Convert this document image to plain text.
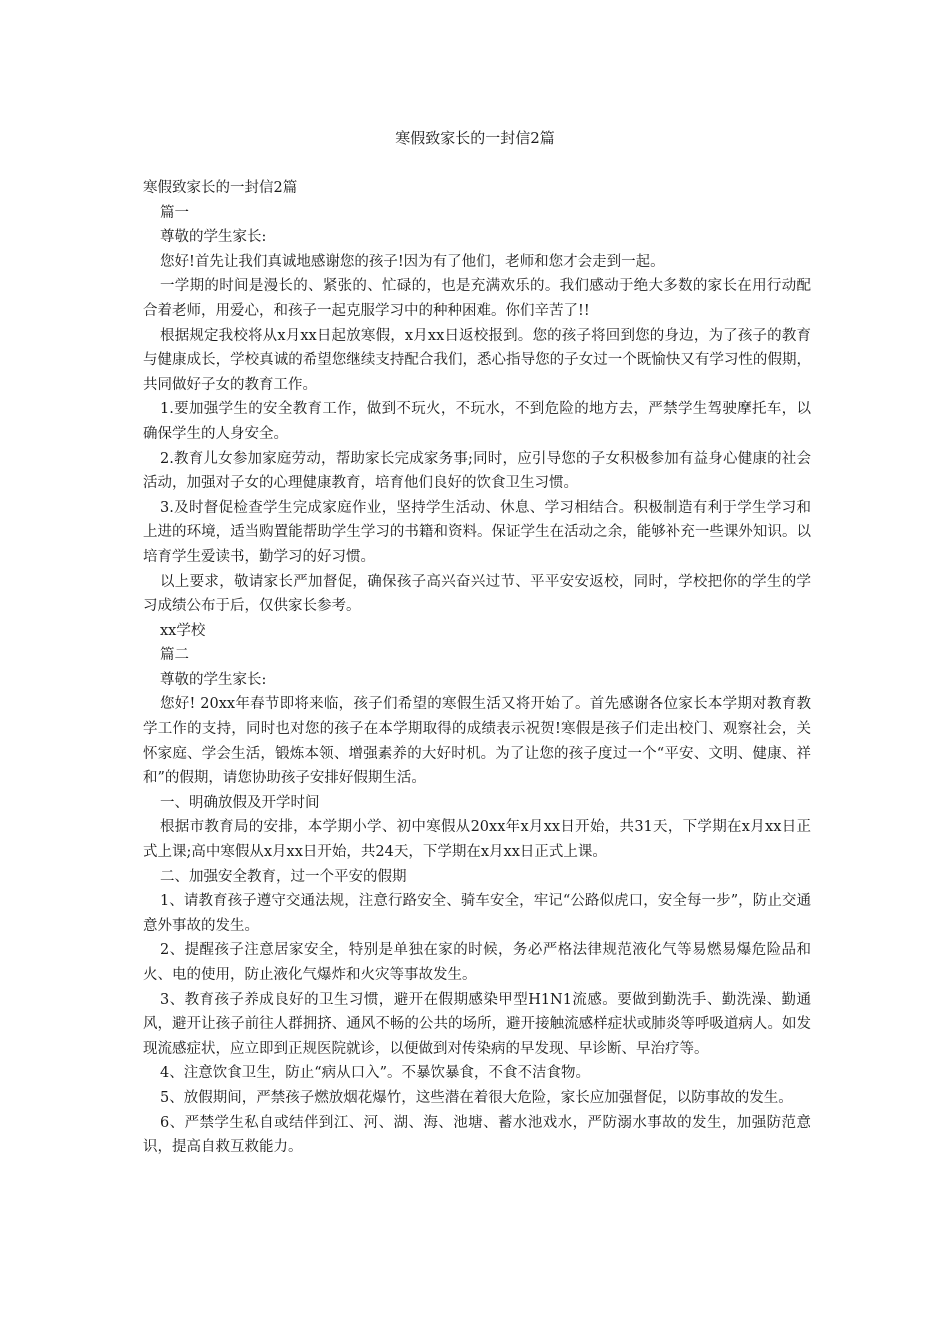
寒假致家长的一封信2篇

寒假致家长的一封信2篇

篇一

尊敬的学生家长:

您好!首先让我们真诚地感谢您的孩子!因为有了他们，老师和您才会走到一起。

一学期的时间是漫长的、紧张的、忙碌的，也是充满欢乐的。我们感动于绝大多数的家长在用行动配合着老师，用爱心，和孩子一起克服学习中的种种困难。你们辛苦了!!

根据规定我校将从x月xx日起放寒假，x月xx日返校报到。您的孩子将回到您的身边，为了孩子的教育与健康成长，学校真诚的希望您继续支持配合我们，悉心指导您的子女过一个既愉快又有学习性的假期，共同做好子女的教育工作。

1.要加强学生的安全教育工作，做到不玩火，不玩水，不到危险的地方去，严禁学生驾驶摩托车，以确保学生的人身安全。

2.教育儿女参加家庭劳动，帮助家长完成家务事;同时，应引导您的子女积极参加有益身心健康的社会活动，加强对子女的心理健康教育，培育他们良好的饮食卫生习惯。

3.及时督促检查学生完成家庭作业，坚持学生活动、休息、学习相结合。积极制造有利于学生学习和上进的环境，适当购置能帮助学生学习的书籍和资料。保证学生在活动之余，能够补充一些课外知识。以培育学生爱读书，勤学习的好习惯。

以上要求，敬请家长严加督促，确保孩子高兴奋兴过节、平平安安返校，同时，学校把你的学生的学习成绩公布于后，仅供家长参考。

xx学校

篇二

尊敬的学生家长:

您好! 20xx年春节即将来临，孩子们希望的寒假生活又将开始了。首先感谢各位家长本学期对教育教学工作的支持，同时也对您的孩子在本学期取得的成绩表示祝贺!寒假是孩子们走出校门、观察社会，关怀家庭、学会生活，锻炼本领、增强素养的大好时机。为了让您的孩子度过一个“平安、文明、健康、祥和”的假期，请您协助孩子安排好假期生活。

一、明确放假及开学时间

根据市教育局的安排，本学期小学、初中寒假从20xx年x月xx日开始，共31天，下学期在x月xx日正式上课;高中寒假从x月xx日开始，共24天，下学期在x月xx日正式上课。

二、加强安全教育，过一个平安的假期

1、请教育孩子遵守交通法规，注意行路安全、骑车安全，牢记“公路似虎口，安全每一步”，防止交通意外事故的发生。

2、提醒孩子注意居家安全，特别是单独在家的时候，务必严格法律规范液化气等易燃易爆危险品和火、电的使用，防止液化气爆炸和火灾等事故发生。

3、教育孩子养成良好的卫生习惯，避开在假期感染甲型H1N1流感。要做到勤洗手、勤洗澡、勤通风，避开让孩子前往人群拥挤、通风不畅的公共的场所，避开接触流感样症状或肺炎等呼吸道病人。如发现流感症状，应立即到正规医院就诊，以便做到对传染病的早发现、早诊断、早治疗等。

4、注意饮食卫生，防止“病从口入”。不暴饮暴食，不食不洁食物。

5、放假期间，严禁孩子燃放烟花爆竹，这些潜在着很大危险，家长应加强督促，以防事故的发生。

6、严禁学生私自或结伴到江、河、湖、海、池塘、蓄水池戏水，严防溺水事故的发生，加强防范意识，提高自救互救能力。
